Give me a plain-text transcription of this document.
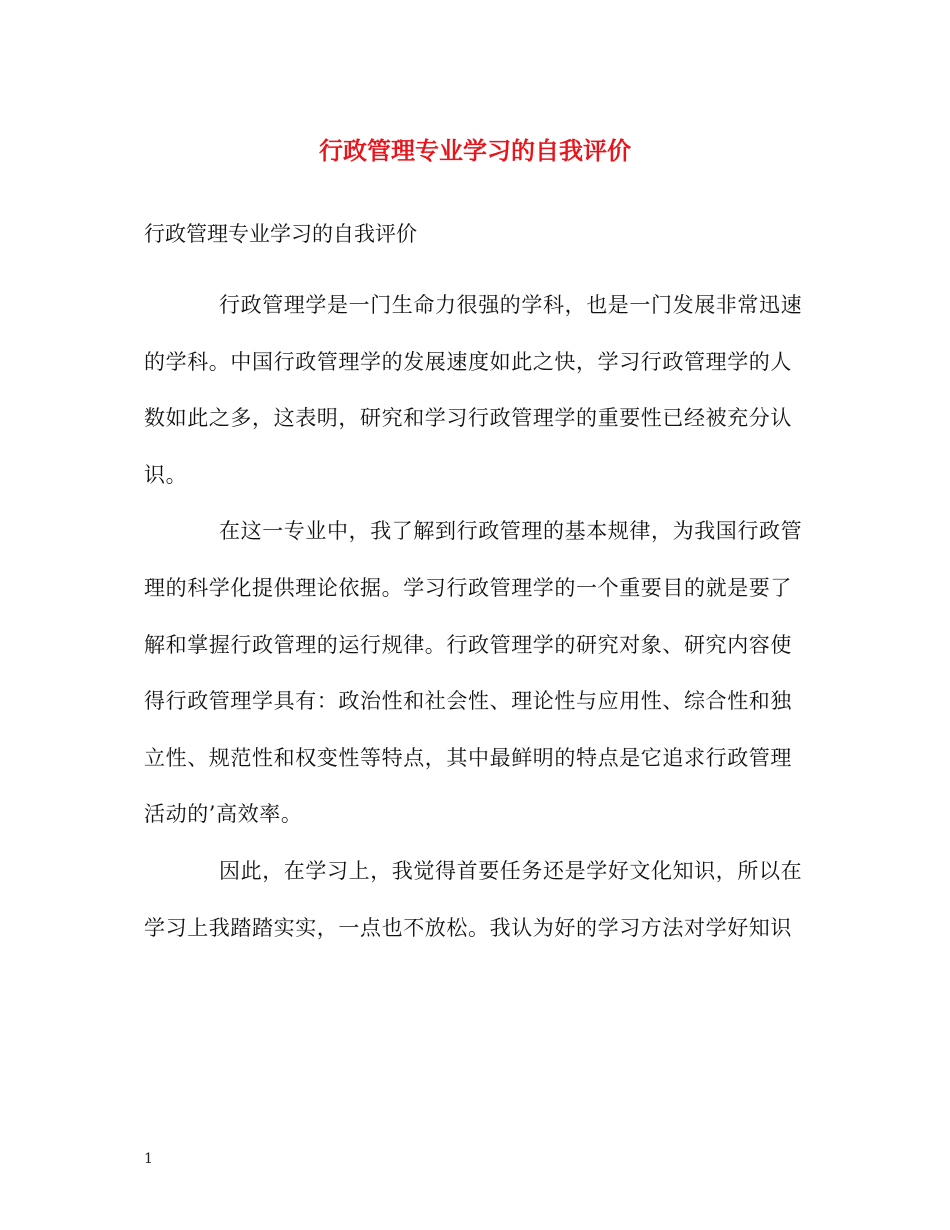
行政管理专业学习的自我评价
行政管理专业学习的自我评价

行政管理学是一门生命力很强的学科，也是一门发展非常迅速的学科。中国行政管理学的发展速度如此之快，学习行政管理学的人数如此之多，这表明，研究和学习行政管理学的重要性已经被充分认识。

在这一专业中，我了解到行政管理的基本规律，为我国行政管理的科学化提供理论依据。学习行政管理学的一个重要目的就是要了解和掌握行政管理的运行规律。行政管理学的研究对象、研究内容使得行政管理学具有：政治性和社会性、理论性与应用性、综合性和独立性、规范性和权变性等特点，其中最鲜明的特点是它追求行政管理活动的’高效率。

因此，在学习上，我觉得首要任务还是学好文化知识，所以在学习上我踏踏实实，一点也不放松。我认为好的学习方法对学好知识

1
